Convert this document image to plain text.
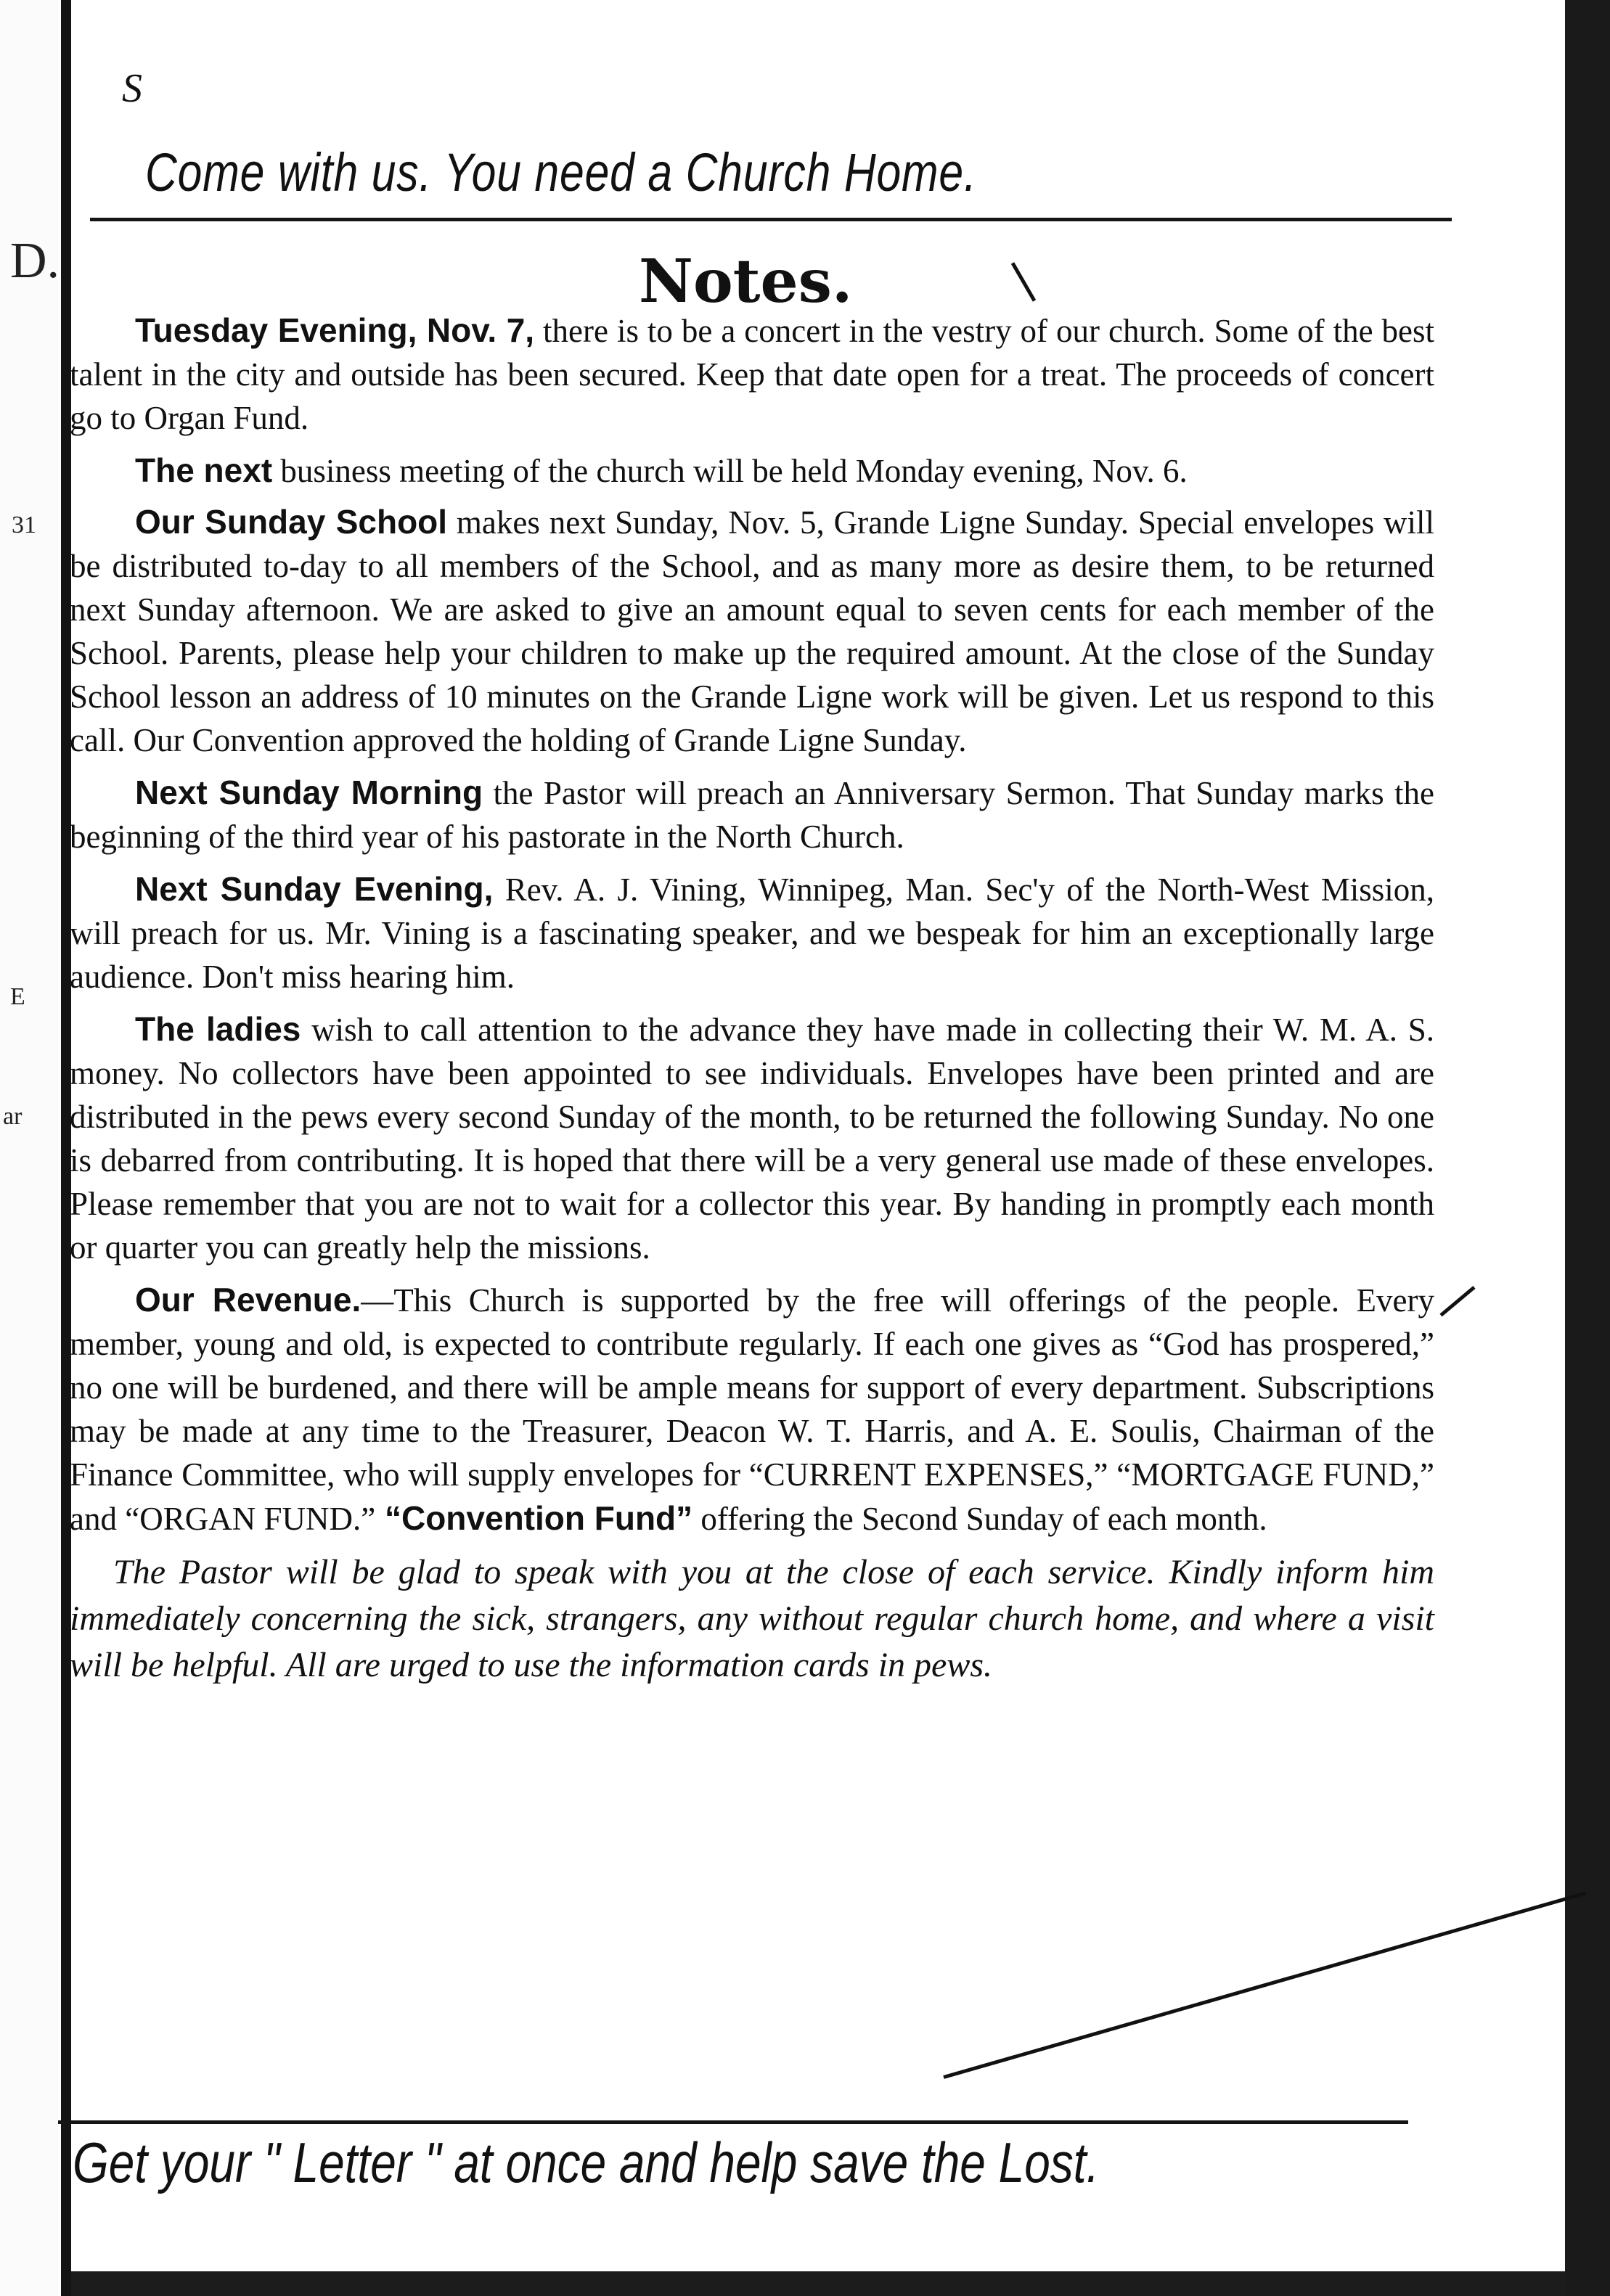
D.
31
E
ar
S
Come with us. You need a Church Home.
Notes.

Tuesday Evening, Nov. 7, there is to be a concert in the vestry of our church. Some of the best talent in the city and outside has been secured. Keep that date open for a treat. The proceeds of concert go to Organ Fund.

The next business meeting of the church will be held Monday evening, Nov. 6.

Our Sunday School makes next Sunday, Nov. 5, Grande Ligne Sunday. Special envelopes will be distributed to-day to all members of the School, and as many more as desire them, to be returned next Sunday afternoon. We are asked to give an amount equal to seven cents for each member of the School. Parents, please help your children to make up the required amount. At the close of the Sunday School lesson an address of 10 minutes on the Grande Ligne work will be given. Let us respond to this call. Our Convention approved the holding of Grande Ligne Sunday.

Next Sunday Morning the Pastor will preach an Anniversary Sermon. That Sunday marks the beginning of the third year of his pastorate in the North Church.

Next Sunday Evening, Rev. A. J. Vining, Winnipeg, Man. Sec'y of the North-West Mission, will preach for us. Mr. Vining is a fascinating speaker, and we bespeak for him an exceptionally large audience. Don't miss hearing him.

The ladies wish to call attention to the advance they have made in collecting their W. M. A. S. money. No collectors have been appointed to see individuals. Envelopes have been printed and are distributed in the pews every second Sunday of the month, to be returned the following Sunday. No one is debarred from contributing. It is hoped that there will be a very general use made of these envelopes. Please remember that you are not to wait for a collector this year. By handing in promptly each month or quarter you can greatly help the missions.

Our Revenue.—This Church is supported by the free will offerings of the people. Every member, young and old, is expected to contribute regularly. If each one gives as “God has prospered,” no one will be burdened, and there will be ample means for support of every department. Subscriptions may be made at any time to the Treasurer, Deacon W. T. Harris, and A. E. Soulis, Chairman of the Finance Committee, who will supply envelopes for “CURRENT EXPENSES,” “MORTGAGE FUND,” and “ORGAN FUND.” “Convention Fund” offering the Second Sunday of each month.

The Pastor will be glad to speak with you at the close of each service. Kindly inform him immediately concerning the sick, strangers, any without regular church home, and where a visit will be helpful. All are urged to use the information cards in pews.

Get your " Letter " at once and help save the Lost.
